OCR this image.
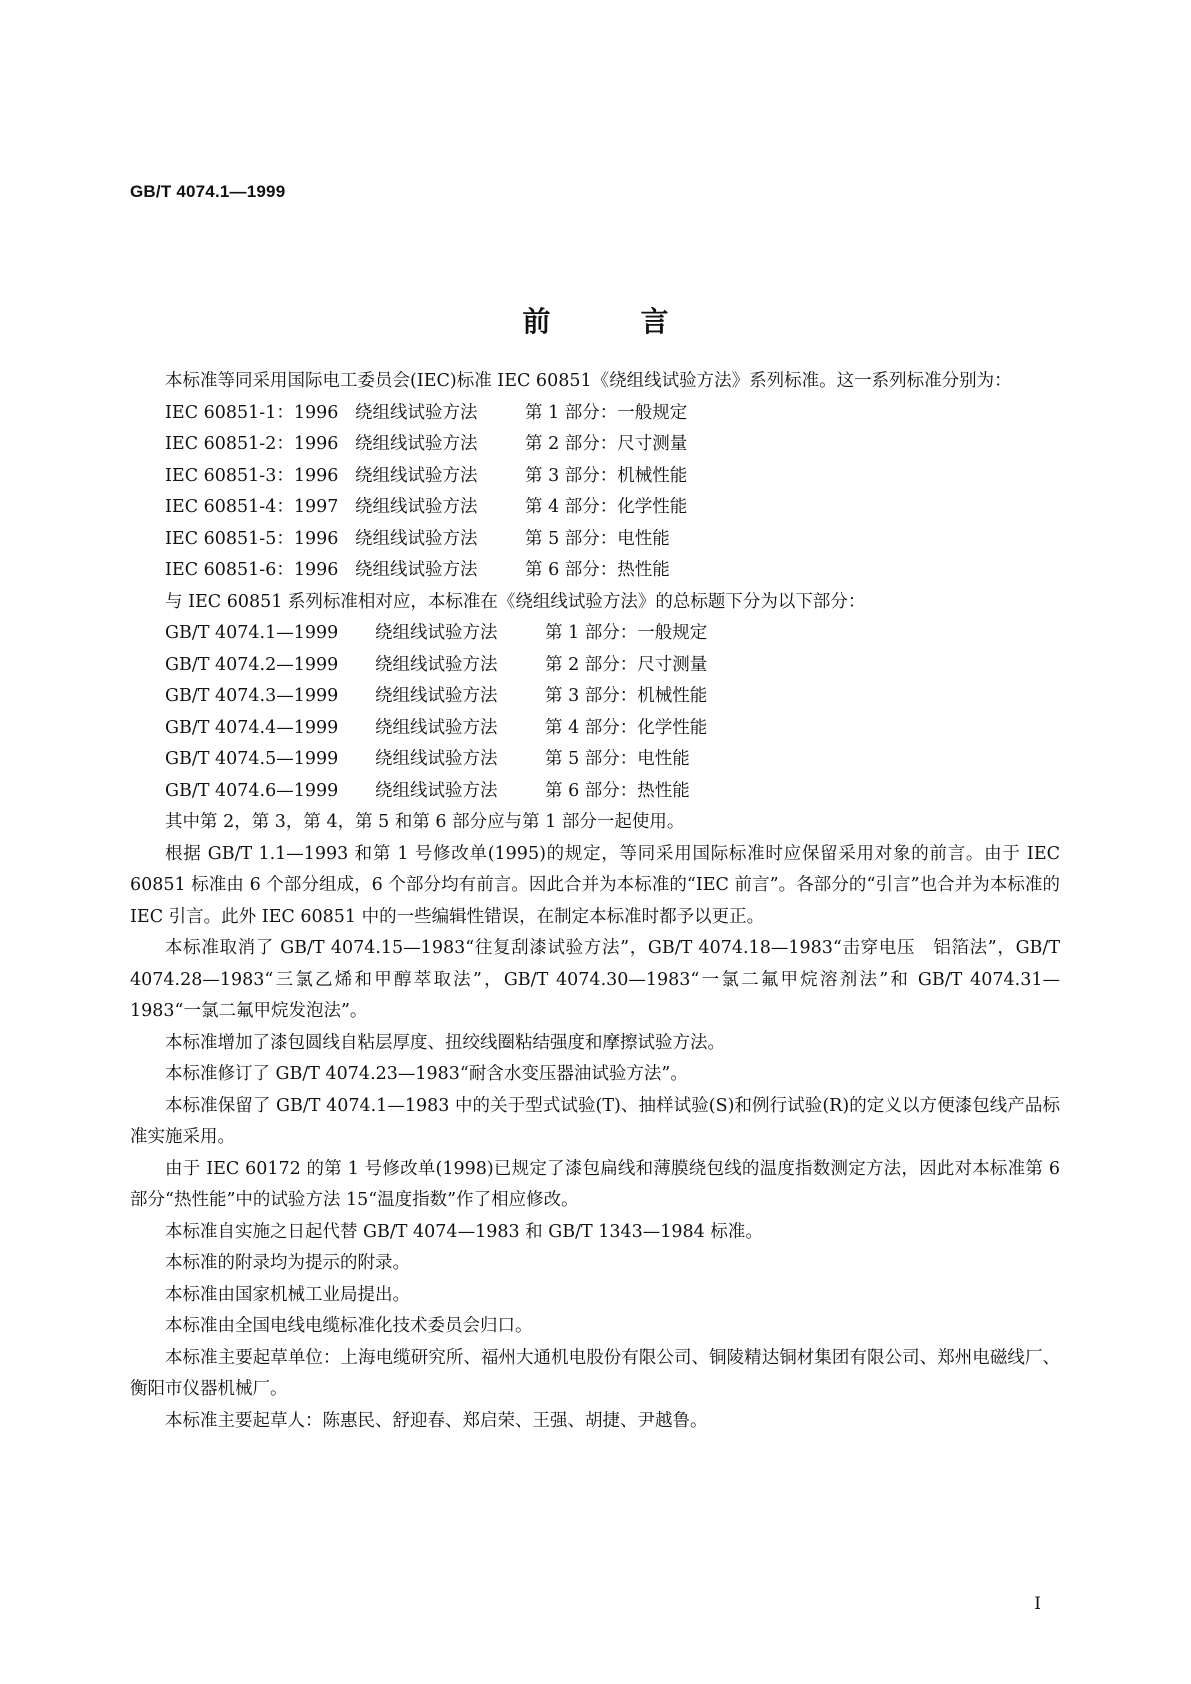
GB/T 4074.1—1999
前	言

本标准等同采用国际电工委员会(IEC)标准 IEC 60851《绕组线试验方法》系列标准。这一系列标准分别为：

IEC 60851-1：1996 绕组线试验方法	第 1 部分：一般规定

IEC 60851-2：1996 绕组线试验方法	第 2 部分：尺寸测量

IEC 60851-3：1996 绕组线试验方法	第 3 部分：机械性能

IEC 60851-4：1997 绕组线试验方法	第 4 部分：化学性能

IEC 60851-5：1996 绕组线试验方法	第 5 部分：电性能

IEC 60851-6：1996 绕组线试验方法	第 6 部分：热性能

与 IEC 60851 系列标准相对应，本标准在《绕组线试验方法》的总标题下分为以下部分：

GB/T 4074.1—1999 绕组线试验方法	第 1 部分：一般规定

GB/T 4074.2—1999 绕组线试验方法	第 2 部分：尺寸测量

GB/T 4074.3—1999 绕组线试验方法	第 3 部分：机械性能

GB/T 4074.4—1999 绕组线试验方法	第 4 部分：化学性能

GB/T 4074.5—1999 绕组线试验方法	第 5 部分：电性能

GB/T 4074.6—1999 绕组线试验方法	第 6 部分：热性能

其中第 2，第 3，第 4，第 5 和第 6 部分应与第 1 部分一起使用。

根据 GB/T 1.1—1993 和第 1 号修改单(1995)的规定，等同采用国际标准时应保留采用对象的前言。由于 IEC 60851 标准由 6 个部分组成，6 个部分均有前言。因此合并为本标准的“IEC 前言”。各部分的“引言”也合并为本标准的 IEC 引言。此外 IEC 60851 中的一些编辑性错误，在制定本标准时都予以更正。

本标准取消了 GB/T 4074.15—1983“往复刮漆试验方法”，GB/T 4074.18—1983“击穿电压　铝箔法”，GB/T 4074.28—1983“三氯乙烯和甲醇萃取法”，GB/T 4074.30—1983“一氯二氟甲烷溶剂法”和 GB/T 4074.31—1983“一氯二氟甲烷发泡法”。

本标准增加了漆包圆线自粘层厚度、扭绞线圈粘结强度和摩擦试验方法。

本标准修订了 GB/T 4074.23—1983“耐含水变压器油试验方法”。

本标准保留了 GB/T 4074.1—1983 中的关于型式试验(T)、抽样试验(S)和例行试验(R)的定义以方便漆包线产品标准实施采用。

由于 IEC 60172 的第 1 号修改单(1998)已规定了漆包扁线和薄膜绕包线的温度指数测定方法，因此对本标准第 6 部分“热性能”中的试验方法 15“温度指数”作了相应修改。

本标准自实施之日起代替 GB/T 4074—1983 和 GB/T 1343—1984 标准。

本标准的附录均为提示的附录。

本标准由国家机械工业局提出。

本标准由全国电线电缆标准化技术委员会归口。

本标准主要起草单位：上海电缆研究所、福州大通机电股份有限公司、铜陵精达铜材集团有限公司、郑州电磁线厂、衡阳市仪器机械厂。

本标准主要起草人：陈惠民、舒迎春、郑启荣、王强、胡捷、尹越鲁。

I
